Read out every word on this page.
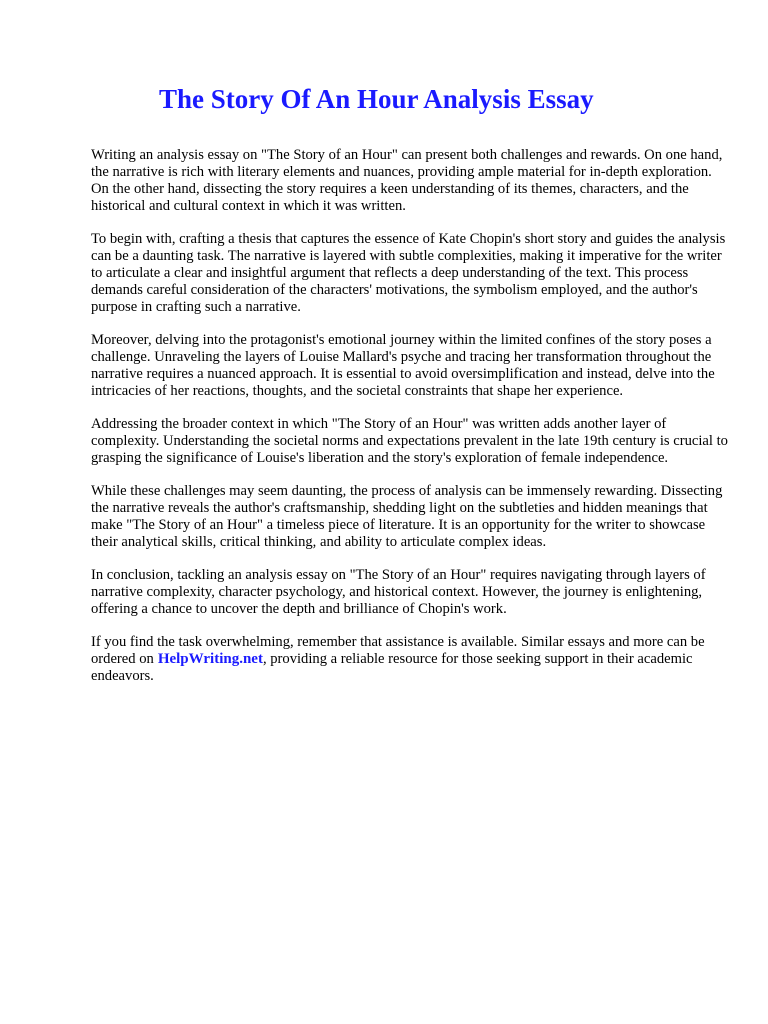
The Story Of An Hour Analysis Essay

Writing an analysis essay on "The Story of an Hour" can present both challenges and rewards. On one hand, the narrative is rich with literary elements and nuances, providing ample material for in-depth exploration. On the other hand, dissecting the story requires a keen understanding of its themes, characters, and the historical and cultural context in which it was written.

To begin with, crafting a thesis that captures the essence of Kate Chopin's short story and guides the analysis can be a daunting task. The narrative is layered with subtle complexities, making it imperative for the writer to articulate a clear and insightful argument that reflects a deep understanding of the text. This process demands careful consideration of the characters' motivations, the symbolism employed, and the author's purpose in crafting such a narrative.

Moreover, delving into the protagonist's emotional journey within the limited confines of the story poses a challenge. Unraveling the layers of Louise Mallard's psyche and tracing her transformation throughout the narrative requires a nuanced approach. It is essential to avoid oversimplification and instead, delve into the intricacies of her reactions, thoughts, and the societal constraints that shape her experience.

Addressing the broader context in which "The Story of an Hour" was written adds another layer of complexity. Understanding the societal norms and expectations prevalent in the late 19th century is crucial to grasping the significance of Louise's liberation and the story's exploration of female independence.

While these challenges may seem daunting, the process of analysis can be immensely rewarding. Dissecting the narrative reveals the author's craftsmanship, shedding light on the subtleties and hidden meanings that make "The Story of an Hour" a timeless piece of literature. It is an opportunity for the writer to showcase their analytical skills, critical thinking, and ability to articulate complex ideas.

In conclusion, tackling an analysis essay on "The Story of an Hour" requires navigating through layers of narrative complexity, character psychology, and historical context. However, the journey is enlightening, offering a chance to uncover the depth and brilliance of Chopin's work.

If you find the task overwhelming, remember that assistance is available. Similar essays and more can be ordered on HelpWriting.net, providing a reliable resource for those seeking support in their academic endeavors.
